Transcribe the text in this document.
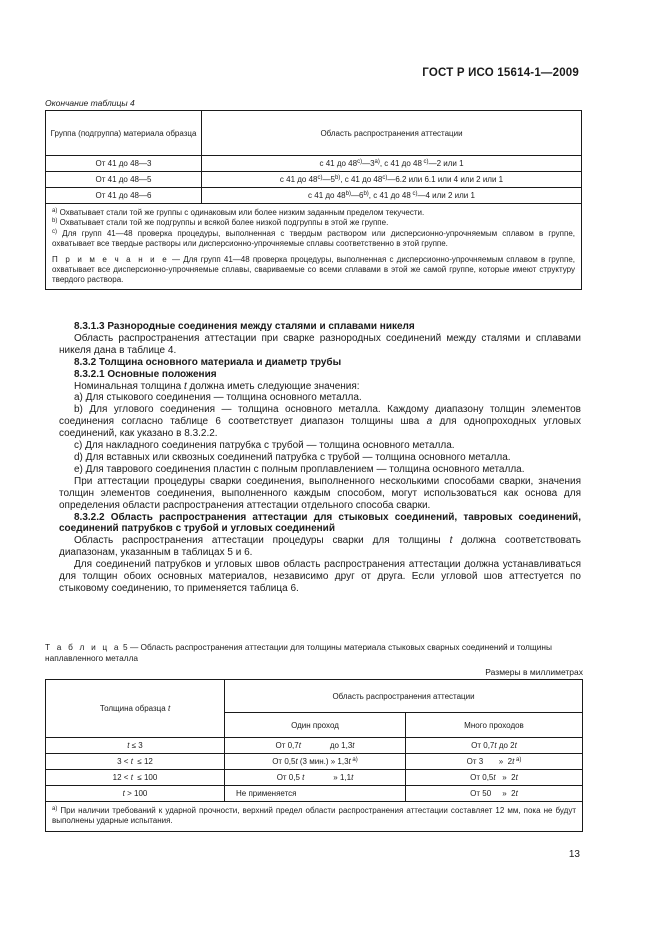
ГОСТ Р ИСО 15614-1—2009
Окончание таблицы 4
Группа (подгруппа) материала образца	Область распространения аттестации
От 41 до 48—3	с 41 до 48$^{c)}$—3$^{a)}$, с 41 до 48 $^{c)}$—2 или 1
От 41 до 48—5	с 41 до 48$^{c)}$—5$^{b)}$, с 41 до 48$^{c)}$—6.2 или 6.1 или 4 или 2 или 1
От 41 до 48—6	с 41 до 48$^{b)}$—6$^{b)}$, с 41 до 48 $^{c)}$—4 или 2 или 1

$^{a)}$ Охватывает стали той же группы с одинаковым или более низким заданным пределом текучести.
$^{b)}$ Охватывает стали той же подгруппы и всякой более низкой подгруппы в этой же группе.
$^{c)}$ Для групп 41—48 проверка процедуры, выполненная с твердым раствором или дисперсионно-упрочняемым сплавом в группе, охватывает все твердые растворы или дисперсионно-упрочняемые сплавы соответственно в этой группе.
П р и м е ч а н и е — Для групп 41—48 проверка процедуры, выполненная с дисперсионно-упрочняемым сплавом в группе, охватывает все дисперсионно-упрочняемые сплавы, свариваемые со всеми сплавами в этой же самой группе, которые имеют структуру твердого раствора.	

8.3.1.3 Разнородные соединения между сталями и сплавами никеля

Область распространения аттестации при сварке разнородных соединений между сталями и сплавами никеля дана в таблице 4.

8.3.2 Толщина основного материала и диаметр трубы

8.3.2.1 Основные положения

Номинальная толщина t должна иметь следующие значения:

a) Для стыкового соединения — толщина основного металла.

b) Для углового соединения — толщина основного металла. Каждому диапазону толщин элементов соединения согласно таблице 6 соответствует диапазон толщины шва a для однопроходных угловых соединений, как указано в 8.3.2.2.

c) Для накладного соединения патрубка с трубой — толщина основного металла.

d) Для вставных или сквозных соединений патрубка с трубой — толщина основного металла.

e) Для таврового соединения пластин с полным проплавлением — толщина основного металла.

При аттестации процедуры сварки соединения, выполненного несколькими способами сварки, значения толщин элементов соединения, выполненного каждым способом, могут использоваться как основа для определения области распространения аттестации отдельного способа сварки.

8.3.2.2 Область распространения аттестации для стыковых соединений, тавровых соединений, соединений патрубков с трубой и угловых соединений

Область распространения аттестации процедуры сварки для толщины t должна соответствовать диапазонам, указанным в таблицах 5 и 6.

Для соединений патрубков и угловых швов область распространения аттестации должна устанавливаться для толщин обоих основных материалов, независимо друг от друга. Если угловой шов аттестуется по стыковому соединению, то применяется таблица 6.

Т а б л и ц а 5 — Область распространения аттестации для толщины материала стыковых сварных соединений и толщины наплавленного металла
Размеры в миллиметрах
Толщина образца t	Область распространения аттестации	
	Один проход	Много проходов
t ≤ 3	От 0,7t             до 1,3t	От 0,7t до 2t
3 < t  ≤ 12	От 0,5t (3 мин.) » 1,3t $^{a)}$	От 3       »  2t $^{a)}$
12 < t  ≤ 100	От 0,5 t             » 1,1t	От 0,5t   »  2t
t > 100	Не применяется	От 50     »  2t
$^{a)}$ При наличии требований к ударной прочности, верхний предел области распространения аттестации составляет 12 мм, пока не будут выполнены ударные испытания.		
13
